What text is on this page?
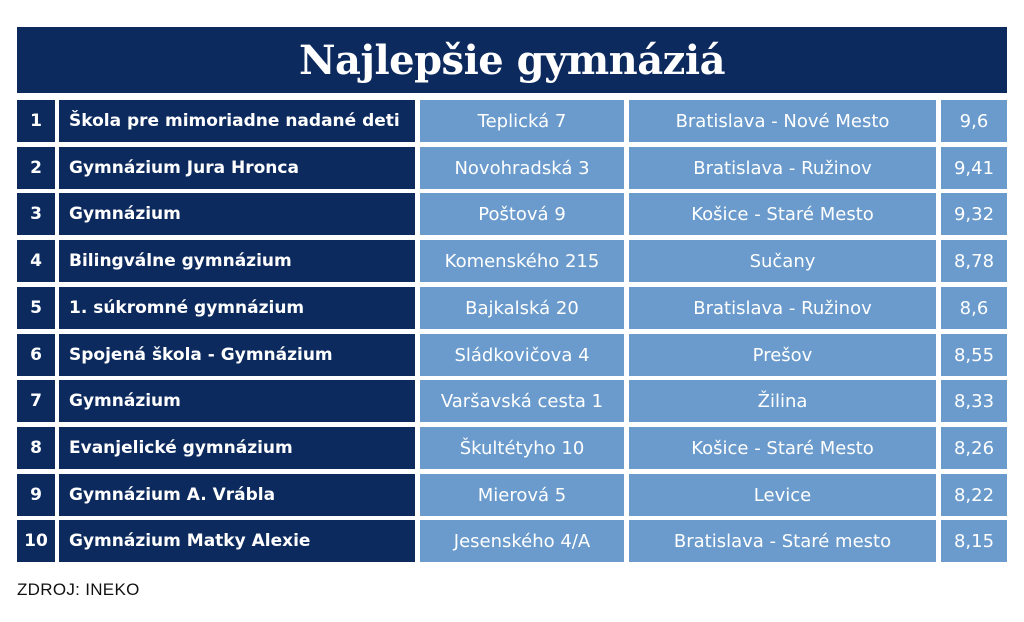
Najlepšie gymnáziá
1	Škola pre mimoriadne nadané deti	Teplická 7	Bratislava - Nové Mesto	9,6
2	Gymnázium Jura Hronca	Novohradská 3	Bratislava - Ružinov	9,41
3	Gymnázium	Poštová 9	Košice - Staré Mesto	9,32
4	Bilingválne gymnázium	Komenského 215	Sučany	8,78
5	1. súkromné gymnázium	Bajkalská 20	Bratislava - Ružinov	8,6
6	Spojená škola - Gymnázium	Sládkovičova 4	Prešov	8,55
7	Gymnázium	Varšavská cesta 1	Žilina	8,33
8	Evanjelické gymnázium	Škultétyho 10	Košice - Staré Mesto	8,26
9	Gymnázium A. Vrábla	Mierová 5	Levice	8,22
10	Gymnázium Matky Alexie	Jesenského 4/A	Bratislava - Staré mesto	8,15
ZDROJ: INEKO
